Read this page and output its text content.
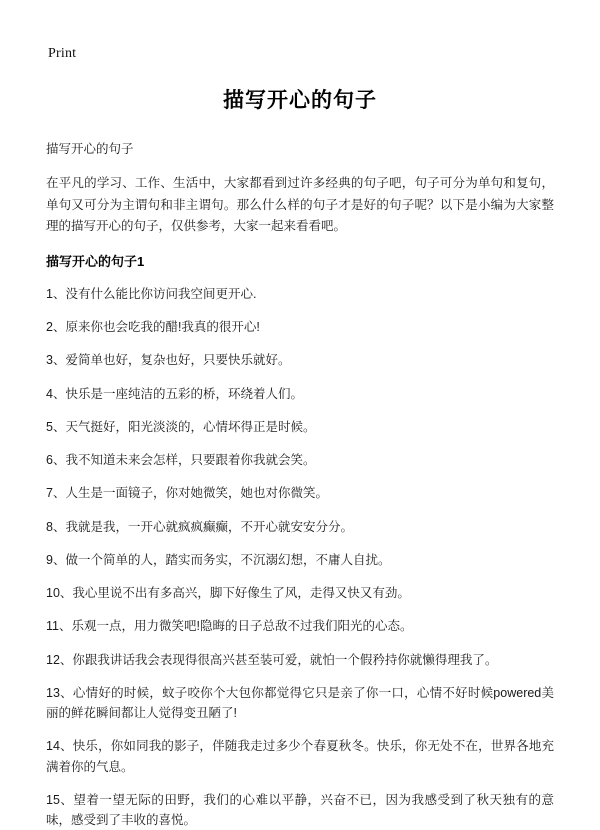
Print
描写开心的句子

描写开心的句子

在平凡的学习、工作、生活中，大家都看到过许多经典的句子吧，句子可分为单句和复句，单句又可分为主谓句和非主谓句。那么什么样的句子才是好的句子呢？以下是小编为大家整理的描写开心的句子，仅供参考，大家一起来看看吧。

描写开心的句子1
1、没有什么能比你访问我空间更开心.
2、原来你也会吃我的醋!我真的很开心!
3、爱简单也好，复杂也好，只要快乐就好。
4、快乐是一座纯洁的五彩的桥，环绕着人们。
5、天气挺好，阳光淡淡的，心情坏得正是时候。
6、我不知道未来会怎样，只要跟着你我就会笑。
7、人生是一面镜子，你对她微笑，她也对你微笑。
8、我就是我，一开心就疯疯癫癫，不开心就安安分分。
9、做一个简单的人，踏实而务实，不沉溺幻想，不庸人自扰。
10、我心里说不出有多高兴，脚下好像生了风，走得又快又有劲。
11、乐观一点，用力微笑吧!隐晦的日子总敌不过我们阳光的心态。
12、你跟我讲话我会表现得很高兴甚至装可爱，就怕一个假矜持你就懒得理我了。
13、心情好的时候，蚊子咬你个大包你都觉得它只是亲了你一口，心情不好时候powered美丽的鲜花瞬间都让人觉得变丑陋了!
14、快乐，你如同我的影子，伴随我走过多少个春夏秋冬。快乐，你无处不在，世界各地充满着你的气息。
15、望着一望无际的田野，我们的心难以平静，兴奋不已，因为我感受到了秋天独有的意味，感受到了丰收的喜悦。
